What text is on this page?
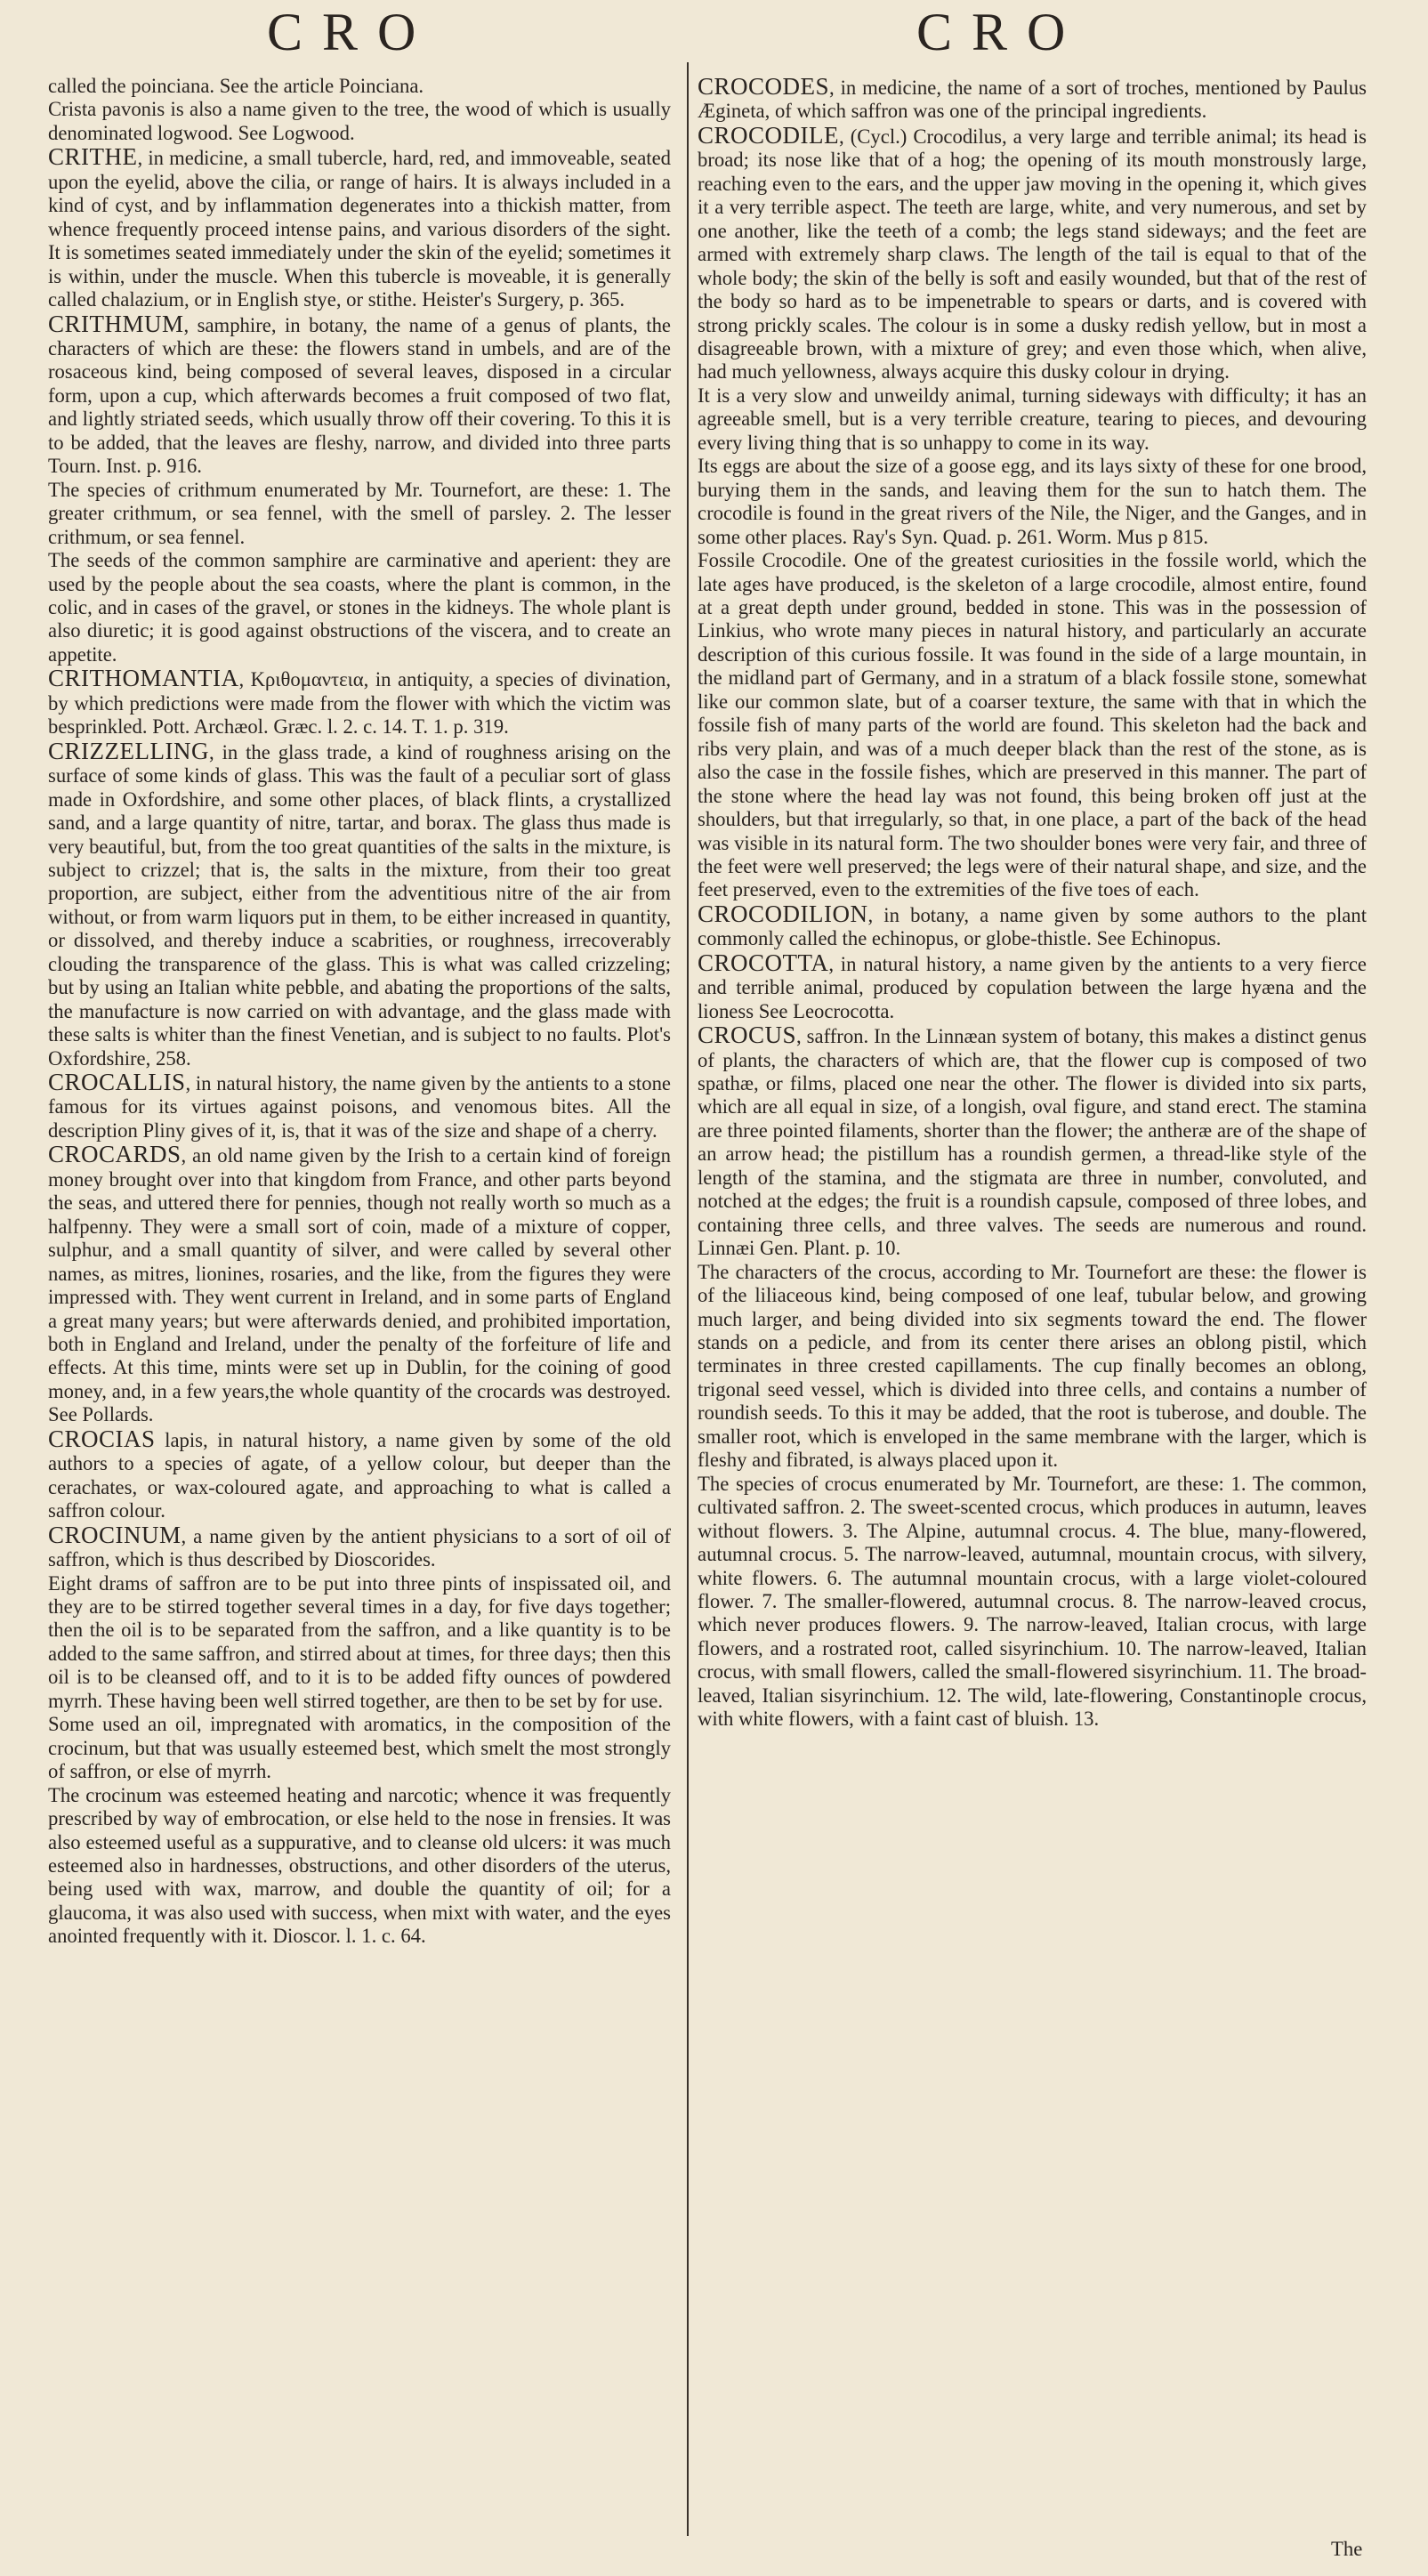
CRO	CRO

called the poinciana. See the article Poinciana.

Crista pavonis is also a name given to the tree, the wood of which is usually denominated logwood. See Logwood.

CRITHE, in medicine, a small tubercle, hard, red, and immoveable, seated upon the eyelid, above the cilia, or range of hairs. It is always included in a kind of cyst, and by inflammation degenerates into a thickish matter, from whence frequently proceed intense pains, and various disorders of the sight. It is sometimes seated immediately under the skin of the eyelid; sometimes it is within, under the muscle. When this tubercle is moveable, it is generally called chalazium, or in English stye, or stithe. Heister's Surgery, p. 365.

CRITHMUM, samphire, in botany, the name of a genus of plants, the characters of which are these: the flowers stand in umbels, and are of the rosaceous kind, being composed of several leaves, disposed in a circular form, upon a cup, which afterwards becomes a fruit composed of two flat, and lightly striated seeds, which usually throw off their covering. To this it is to be added, that the leaves are fleshy, narrow, and divided into three parts Tourn. Inst. p. 916.

The species of crithmum enumerated by Mr. Tournefort, are these: 1. The greater crithmum, or sea fennel, with the smell of parsley. 2. The lesser crithmum, or sea fennel.

The seeds of the common samphire are carminative and aperient: they are used by the people about the sea coasts, where the plant is common, in the colic, and in cases of the gravel, or stones in the kidneys. The whole plant is also diuretic; it is good against obstructions of the viscera, and to create an appetite.

CRITHOMANTIA, Κριθομαντεια, in antiquity, a species of divination, by which predictions were made from the flower with which the victim was besprinkled. Pott. Archæol. Græc. l. 2. c. 14. T. 1. p. 319.

CRIZZELLING, in the glass trade, a kind of roughness arising on the surface of some kinds of glass. This was the fault of a peculiar sort of glass made in Oxfordshire, and some other places, of black flints, a crystallized sand, and a large quantity of nitre, tartar, and borax. The glass thus made is very beautiful, but, from the too great quantities of the salts in the mixture, is subject to crizzel; that is, the salts in the mixture, from their too great proportion, are subject, either from the adventitious nitre of the air from without, or from warm liquors put in them, to be either increased in quantity, or dissolved, and thereby induce a scabrities, or roughness, irrecoverably clouding the transparence of the glass. This is what was called crizzeling; but by using an Italian white pebble, and abating the proportions of the salts, the manufacture is now carried on with advantage, and the glass made with these salts is whiter than the finest Venetian, and is subject to no faults. Plot's Oxfordshire, 258.

CROCALLIS, in natural history, the name given by the antients to a stone famous for its virtues against poisons, and venomous bites. All the description Pliny gives of it, is, that it was of the size and shape of a cherry.

CROCARDS, an old name given by the Irish to a certain kind of foreign money brought over into that kingdom from France, and other parts beyond the seas, and uttered there for pennies, though not really worth so much as a halfpenny. They were a small sort of coin, made of a mixture of copper, sulphur, and a small quantity of silver, and were called by several other names, as mitres, lionines, rosaries, and the like, from the figures they were impressed with. They went current in Ireland, and in some parts of England a great many years; but were afterwards denied, and prohibited importation, both in England and Ireland, under the penalty of the forfeiture of life and effects. At this time, mints were set up in Dublin, for the coining of good money, and, in a few years,the whole quantity of the crocards was destroyed. See Pollards.

CROCIAS lapis, in natural history, a name given by some of the old authors to a species of agate, of a yellow colour, but deeper than the cerachates, or wax-coloured agate, and approaching to what is called a saffron colour.

CROCINUM, a name given by the antient physicians to a sort of oil of saffron, which is thus described by Dioscorides.

Eight drams of saffron are to be put into three pints of inspissated oil, and they are to be stirred together several times in a day, for five days together; then the oil is to be separated from the saffron, and a like quantity is to be added to the same saffron, and stirred about at times, for three days; then this oil is to be cleansed off, and to it is to be added fifty ounces of powdered myrrh. These having been well stirred together, are then to be set by for use.

Some used an oil, impregnated with aromatics, in the composition of the crocinum, but that was usually esteemed best, which smelt the most strongly of saffron, or else of myrrh.

The crocinum was esteemed heating and narcotic; whence it was frequently prescribed by way of embrocation, or else held to the nose in frensies. It was also esteemed useful as a suppurative, and to cleanse old ulcers: it was much esteemed also in hardnesses, obstructions, and other disorders of the uterus, being used with wax, marrow, and double the quantity of oil; for a glaucoma, it was also used with success, when mixt with water, and the eyes anointed frequently with it. Dioscor. l. 1. c. 64.

CROCODES, in medicine, the name of a sort of troches, mentioned by Paulus Ægineta, of which saffron was one of the principal ingredients.

CROCODILE, (Cycl.) Crocodilus, a very large and terrible animal; its head is broad; its nose like that of a hog; the opening of its mouth monstrously large, reaching even to the ears, and the upper jaw moving in the opening it, which gives it a very terrible aspect. The teeth are large, white, and very numerous, and set by one another, like the teeth of a comb; the legs stand sideways; and the feet are armed with extremely sharp claws. The length of the tail is equal to that of the whole body; the skin of the belly is soft and easily wounded, but that of the rest of the body so hard as to be impenetrable to spears or darts, and is covered with strong prickly scales. The colour is in some a dusky redish yellow, but in most a disagreeable brown, with a mixture of grey; and even those which, when alive, had much yellowness, always acquire this dusky colour in drying.

It is a very slow and unweildy animal, turning sideways with difficulty; it has an agreeable smell, but is a very terrible creature, tearing to pieces, and devouring every living thing that is so unhappy to come in its way.

Its eggs are about the size of a goose egg, and its lays sixty of these for one brood, burying them in the sands, and leaving them for the sun to hatch them. The crocodile is found in the great rivers of the Nile, the Niger, and the Ganges, and in some other places. Ray's Syn. Quad. p. 261. Worm. Mus p 815.

Fossile Crocodile. One of the greatest curiosities in the fossile world, which the late ages have produced, is the skeleton of a large crocodile, almost entire, found at a great depth under ground, bedded in stone. This was in the possession of Linkius, who wrote many pieces in natural history, and particularly an accurate description of this curious fossile. It was found in the side of a large mountain, in the midland part of Germany, and in a stratum of a black fossile stone, somewhat like our common slate, but of a coarser texture, the same with that in which the fossile fish of many parts of the world are found. This skeleton had the back and ribs very plain, and was of a much deeper black than the rest of the stone, as is also the case in the fossile fishes, which are preserved in this manner. The part of the stone where the head lay was not found, this being broken off just at the shoulders, but that irregularly, so that, in one place, a part of the back of the head was visible in its natural form. The two shoulder bones were very fair, and three of the feet were well preserved; the legs were of their natural shape, and size, and the feet preserved, even to the extremities of the five toes of each.

CROCODILION, in botany, a name given by some authors to the plant commonly called the echinopus, or globe-thistle. See Echinopus.

CROCOTTA, in natural history, a name given by the antients to a very fierce and terrible animal, produced by copulation between the large hyæna and the lioness See Leocrocotta.

CROCUS, saffron. In the Linnæan system of botany, this makes a distinct genus of plants, the characters of which are, that the flower cup is composed of two spathæ, or films, placed one near the other. The flower is divided into six parts, which are all equal in size, of a longish, oval figure, and stand erect. The stamina are three pointed filaments, shorter than the flower; the antheræ are of the shape of an arrow head; the pistillum has a roundish germen, a thread-like style of the length of the stamina, and the stigmata are three in number, convoluted, and notched at the edges; the fruit is a roundish capsule, composed of three lobes, and containing three cells, and three valves. The seeds are numerous and round. Linnæi Gen. Plant. p. 10.

The characters of the crocus, according to Mr. Tournefort are these: the flower is of the liliaceous kind, being composed of one leaf, tubular below, and growing much larger, and being divided into six segments toward the end. The flower stands on a pedicle, and from its center there arises an oblong pistil, which terminates in three crested capillaments. The cup finally becomes an oblong, trigonal seed vessel, which is divided into three cells, and contains a number of roundish seeds. To this it may be added, that the root is tuberose, and double. The smaller root, which is enveloped in the same membrane with the larger, which is fleshy and fibrated, is always placed upon it.

The species of crocus enumerated by Mr. Tournefort, are these: 1. The common, cultivated saffron. 2. The sweet-scented crocus, which produces in autumn, leaves without flowers. 3. The Alpine, autumnal crocus. 4. The blue, many-flowered, autumnal crocus. 5. The narrow-leaved, autumnal, mountain crocus, with silvery, white flowers. 6. The autumnal mountain crocus, with a large violet-coloured flower. 7. The smaller-flowered, autumnal crocus. 8. The narrow-leaved crocus, which never produces flowers. 9. The narrow-leaved, Italian crocus, with large flowers, and a rostrated root, called sisyrinchium. 10. The narrow-leaved, Italian crocus, with small flowers, called the small-flowered sisyrinchium. 11. The broad-leaved, Italian sisyrinchium. 12. The wild, late-flowering, Constantinople crocus, with white flowers, with a faint cast of bluish. 13.

The
